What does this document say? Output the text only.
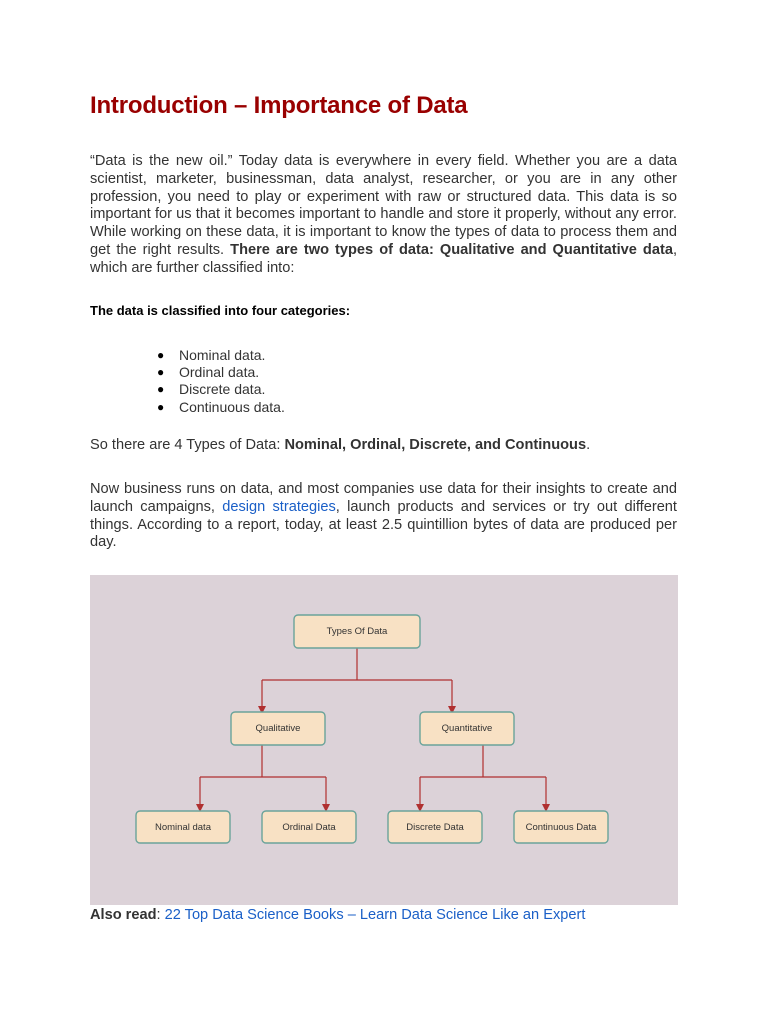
Introduction – Importance of Data

“Data is the new oil.” Today data is everywhere in every field. Whether you are a data scientist, marketer, businessman, data analyst, researcher, or you are in any other profession, you need to play or experiment with raw or structured data. This data is so important for us that it becomes important to handle and store it properly, without any error. While working on these data, it is important to know the types of data to process them and get the right results. There are two types of data: Qualitative and Quantitative data, which are further classified into:

The data is classified into four categories:

● Nominal data.
● Ordinal data.
● Discrete data.
● Continuous data.

So there are 4 Types of Data: Nominal, Ordinal, Discrete, and Continuous.

Now business runs on data, and most companies use data for their insights to create and launch campaigns, design strategies, launch products and services or try out different things. According to a report, today, at least 2.5 quintillion bytes of data are produced per day.

Also read: 22 Top Data Science Books – Learn Data Science Like an Expert

Types Of Data
Qualitative	Quantitative
Nominal data	Ordinal Data	Discrete Data	Continuous Data
